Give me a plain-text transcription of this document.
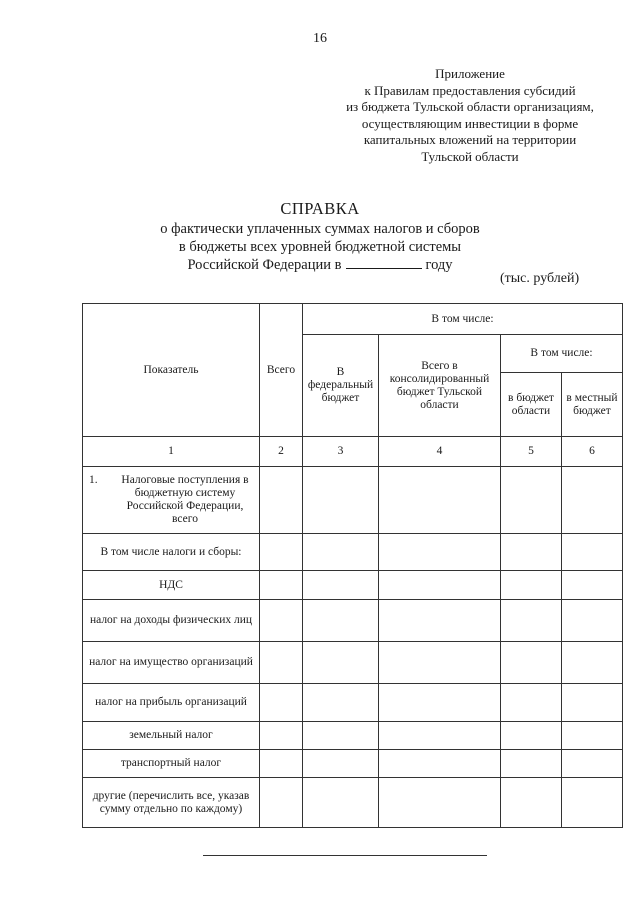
16
Приложение
к Правилам предоставления субсидий
из бюджета Тульской области организациям,
осуществляющим инвестиции в форме
капитальных вложений на территории
Тульской области
СПРАВКА
о фактически уплаченных суммах налогов и сборов
в бюджеты всех уровней бюджетной системы
Российской Федерации в	году
(тыс. рублей)
Показатель	Всего	В том числе:			
		В федеральный бюджет	Всего в консолидированный бюджет Тульской области	В том числе:	
				в бюджет области	в местный бюджет
1	2	3	4	5	6

1. Налоговые поступления в бюджетную систему Российской Федерации, всего					

В том числе налоги и сборы:					
НДС					
налог на доходы физических лиц					
налог на имущество организаций					
налог на прибыль организаций					
земельный налог					
транспортный налог					
другие (перечислить все, указав сумму отдельно по каждому)					
